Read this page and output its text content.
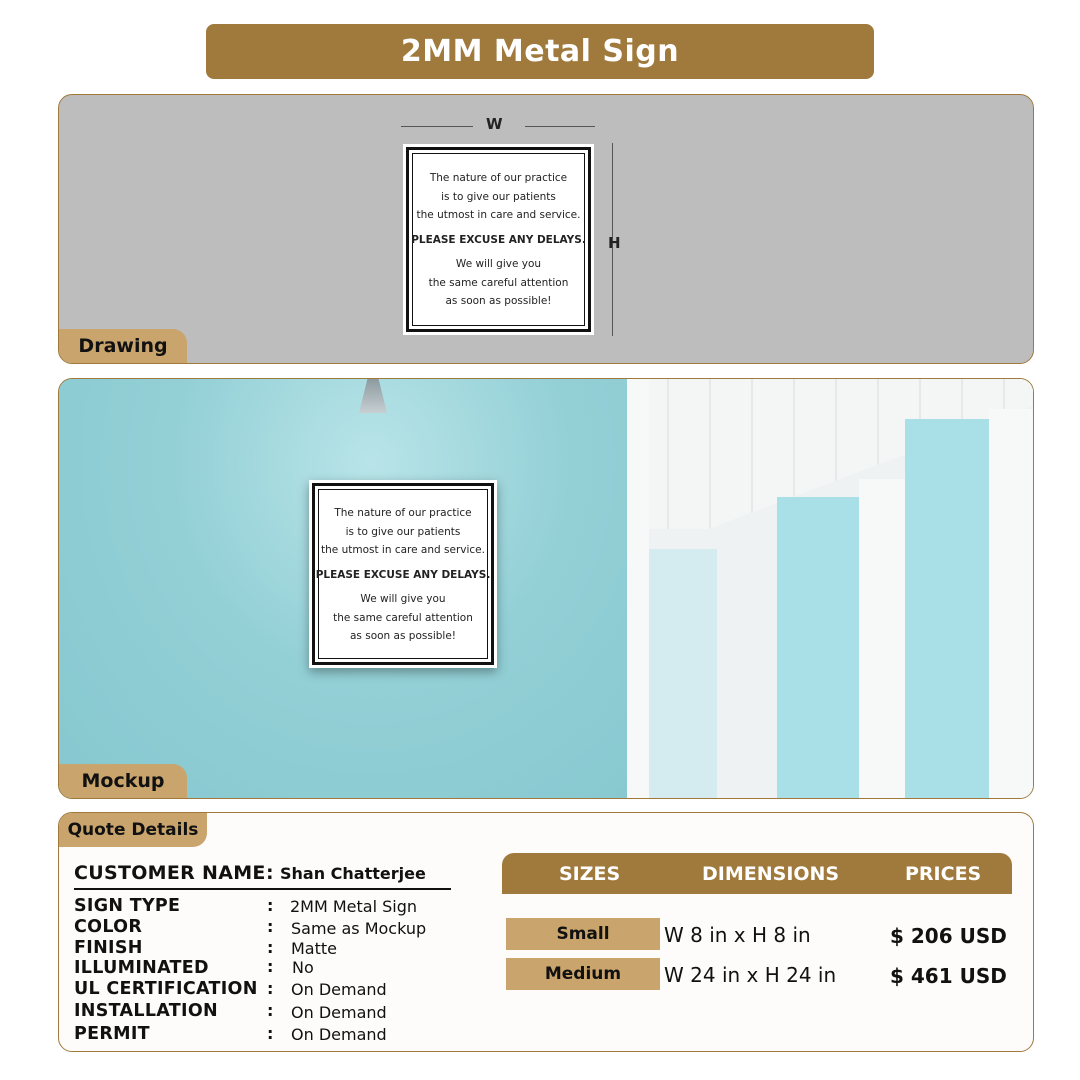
2MM Metal Sign
W
H
The nature of our practice
is to give our patients
the utmost in care and service.
PLEASE EXCUSE ANY DELAYS.
We will give you
the same careful attention
as soon as possible!
Drawing
The nature of our practice
is to give our patients
the utmost in care and service.
PLEASE EXCUSE ANY DELAYS.
We will give you
the same careful attention
as soon as possible!
Mockup
Quote Details
CUSTOMER NAME : Shan Chatterjee
SIGN TYPE	: 2MM Metal Sign
COLOR	: Same as Mockup
FINISH	: Matte
ILLUMINATED	: No
UL CERTIFICATION : On Demand
INSTALLATION	: On Demand
PERMIT	: On Demand
SIZES	DIMENSIONS	PRICES
Small	W 8 in x H 8 in	$ 206 USD
Medium	W 24 in x H 24 in	$ 461 USD
